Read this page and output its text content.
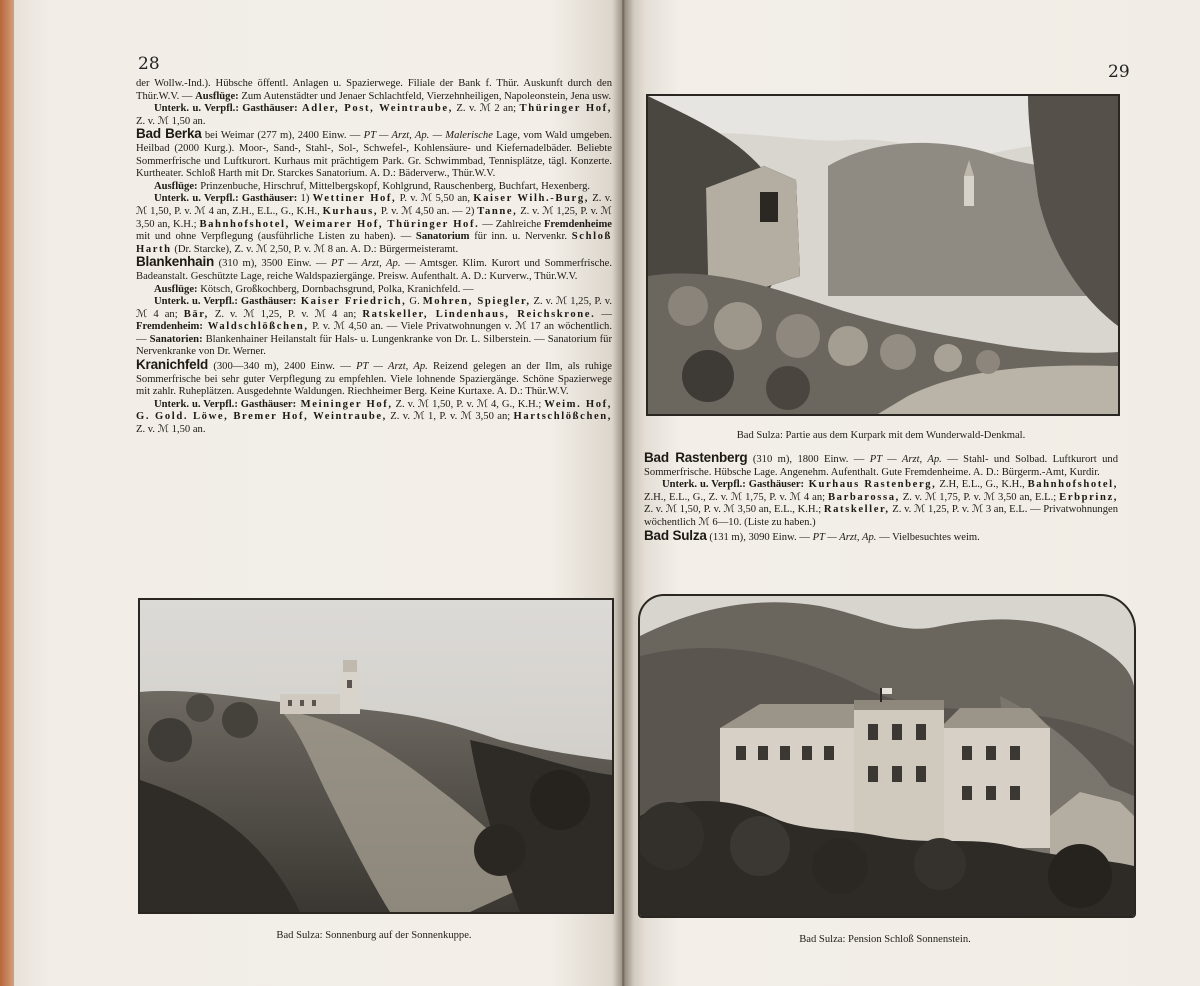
28

der Wollw.-Ind.). Hübsche öffentl. Anlagen u. Spazierwege. Filiale der Bank f. Thür. Auskunft durch den Thür.W.V. — Ausflüge: Zum Autenstädter und Jenaer Schlachtfeld, Vierzehnheiligen, Napoleonstein, Jena usw.

Unterk. u. Verpfl.: Gasthäuser: Adler, Post, Weintraube, Z. v. ℳ 2 an; Thüringer Hof, Z. v. ℳ 1,50 an.

Bad Berka bei Weimar (277 m), 2400 Einw. — PT — Arzt, Ap. — Malerische Lage, vom Wald umgeben. Heilbad (2000 Kurg.). Moor-, Sand-, Stahl-, Sol-, Schwefel-, Kohlensäure- und Kiefernadelbäder. Beliebte Sommerfrische und Luftkurort. Kurhaus mit prächtigem Park. Gr. Schwimmbad, Tennisplätze, tägl. Konzerte. Kurtheater. Schloß Harth mit Dr. Starckes Sanatorium. A. D.: Bäderverw., Thür.W.V.

Ausflüge: Prinzenbuche, Hirschruf, Mittelbergskopf, Kohlgrund, Rauschenberg, Buchfart, Hexenberg.

Unterk. u. Verpfl.: Gasthäuser: 1) Wettiner Hof, P. v. ℳ 5,50 an, Kaiser Wilh.-Burg, Z. v. ℳ 1,50, P. v. ℳ 4 an, Z.H., E.L., G., K.H., Kurhaus, P. v. ℳ 4,50 an. — 2) Tanne, Z. v. ℳ 1,25, P. v. ℳ 3,50 an, K.H.; Bahnhofshotel, Weimarer Hof, Thüringer Hof. — Zahlreiche Fremdenheime mit und ohne Verpflegung (ausführliche Listen zu haben). — Sanatorium für inn. u. Nervenkr. Schloß Harth (Dr. Starcke), Z. v. ℳ 2,50, P. v. ℳ 8 an. A. D.: Bürgermeisteramt.

Blankenhain (310 m), 3500 Einw. — PT — Arzt, Ap. — Amtsger. Klim. Kurort und Sommerfrische. Badeanstalt. Geschützte Lage, reiche Waldspaziergänge. Preisw. Aufenthalt. A. D.: Kurverw., Thür.W.V.

Ausflüge: Kötsch, Großkochberg, Dornbachsgrund, Polka, Kranichfeld. —

Unterk. u. Verpfl.: Gasthäuser: Kaiser Friedrich, G. Mohren, Spiegler, Z. v. ℳ 1,25, P. v. ℳ 4 an; Bär, Z. v. ℳ 1,25, P. v. ℳ 4 an; Ratskeller, Lindenhaus, Reichskrone. — Fremdenheim: Waldschlößchen, P. v. ℳ 4,50 an. — Viele Privatwohnungen v. ℳ 17 an wöchentlich. — Sanatorien: Blankenhainer Heilanstalt für Hals- u. Lungenkranke von Dr. L. Silberstein. — Sanatorium für Nervenkranke von Dr. Werner.

Kranichfeld (300—340 m), 2400 Einw. — PT — Arzt, Ap. Reizend gelegen an der Ilm, als ruhige Sommerfrische bei sehr guter Verpflegung zu empfehlen. Viele lohnende Spaziergänge. Schöne Spazierwege mit zahlr. Ruheplätzen. Ausgedehnte Waldungen. Riechheimer Berg. Keine Kurtaxe. A. D.: Thür.W.V.

Unterk. u. Verpfl.: Gasthäuser: Meininger Hof, Z. v. ℳ 1,50, P. v. ℳ 4, G., K.H.; Weim. Hof, G. Gold. Löwe, Bremer Hof, Weintraube, Z. v. ℳ 1, P. v. ℳ 3,50 an; Hartschlößchen, Z. v. ℳ 1,50 an.

Bad Sulza: Sonnenburg auf der Sonnenkuppe.
29
Bad Sulza: Partie aus dem Kurpark mit dem Wunderwald-Denkmal.

Bad Rastenberg (310 m), 1800 Einw. — PT — Arzt, Ap. — Stahl- und Solbad. Luftkurort und Sommerfrische. Hübsche Lage. Angenehm. Aufenthalt. Gute Fremdenheime. A. D.: Bürgerm.-Amt, Kurdir.

Unterk. u. Verpfl.: Gasthäuser: Kurhaus Rastenberg, Z.H, E.L., G., K.H., Bahnhofshotel, Z.H., E.L., G., Z. v. ℳ 1,75, P. v. ℳ 4 an; Barbarossa, Z. v. ℳ 1,75, P. v. ℳ 3,50 an, E.L.; Erbprinz, Z. v. ℳ 1,50, P. v. ℳ 3,50 an, E.L., K.H.; Ratskeller, Z. v. ℳ 1,25, P. v. ℳ 3 an, E.L. — Privatwohnungen wöchentlich ℳ 6—10. (Liste zu haben.)

Bad Sulza (131 m), 3090 Einw. — PT — Arzt, Ap. — Vielbesuchtes weim.

Bad Sulza: Pension Schloß Sonnenstein.
